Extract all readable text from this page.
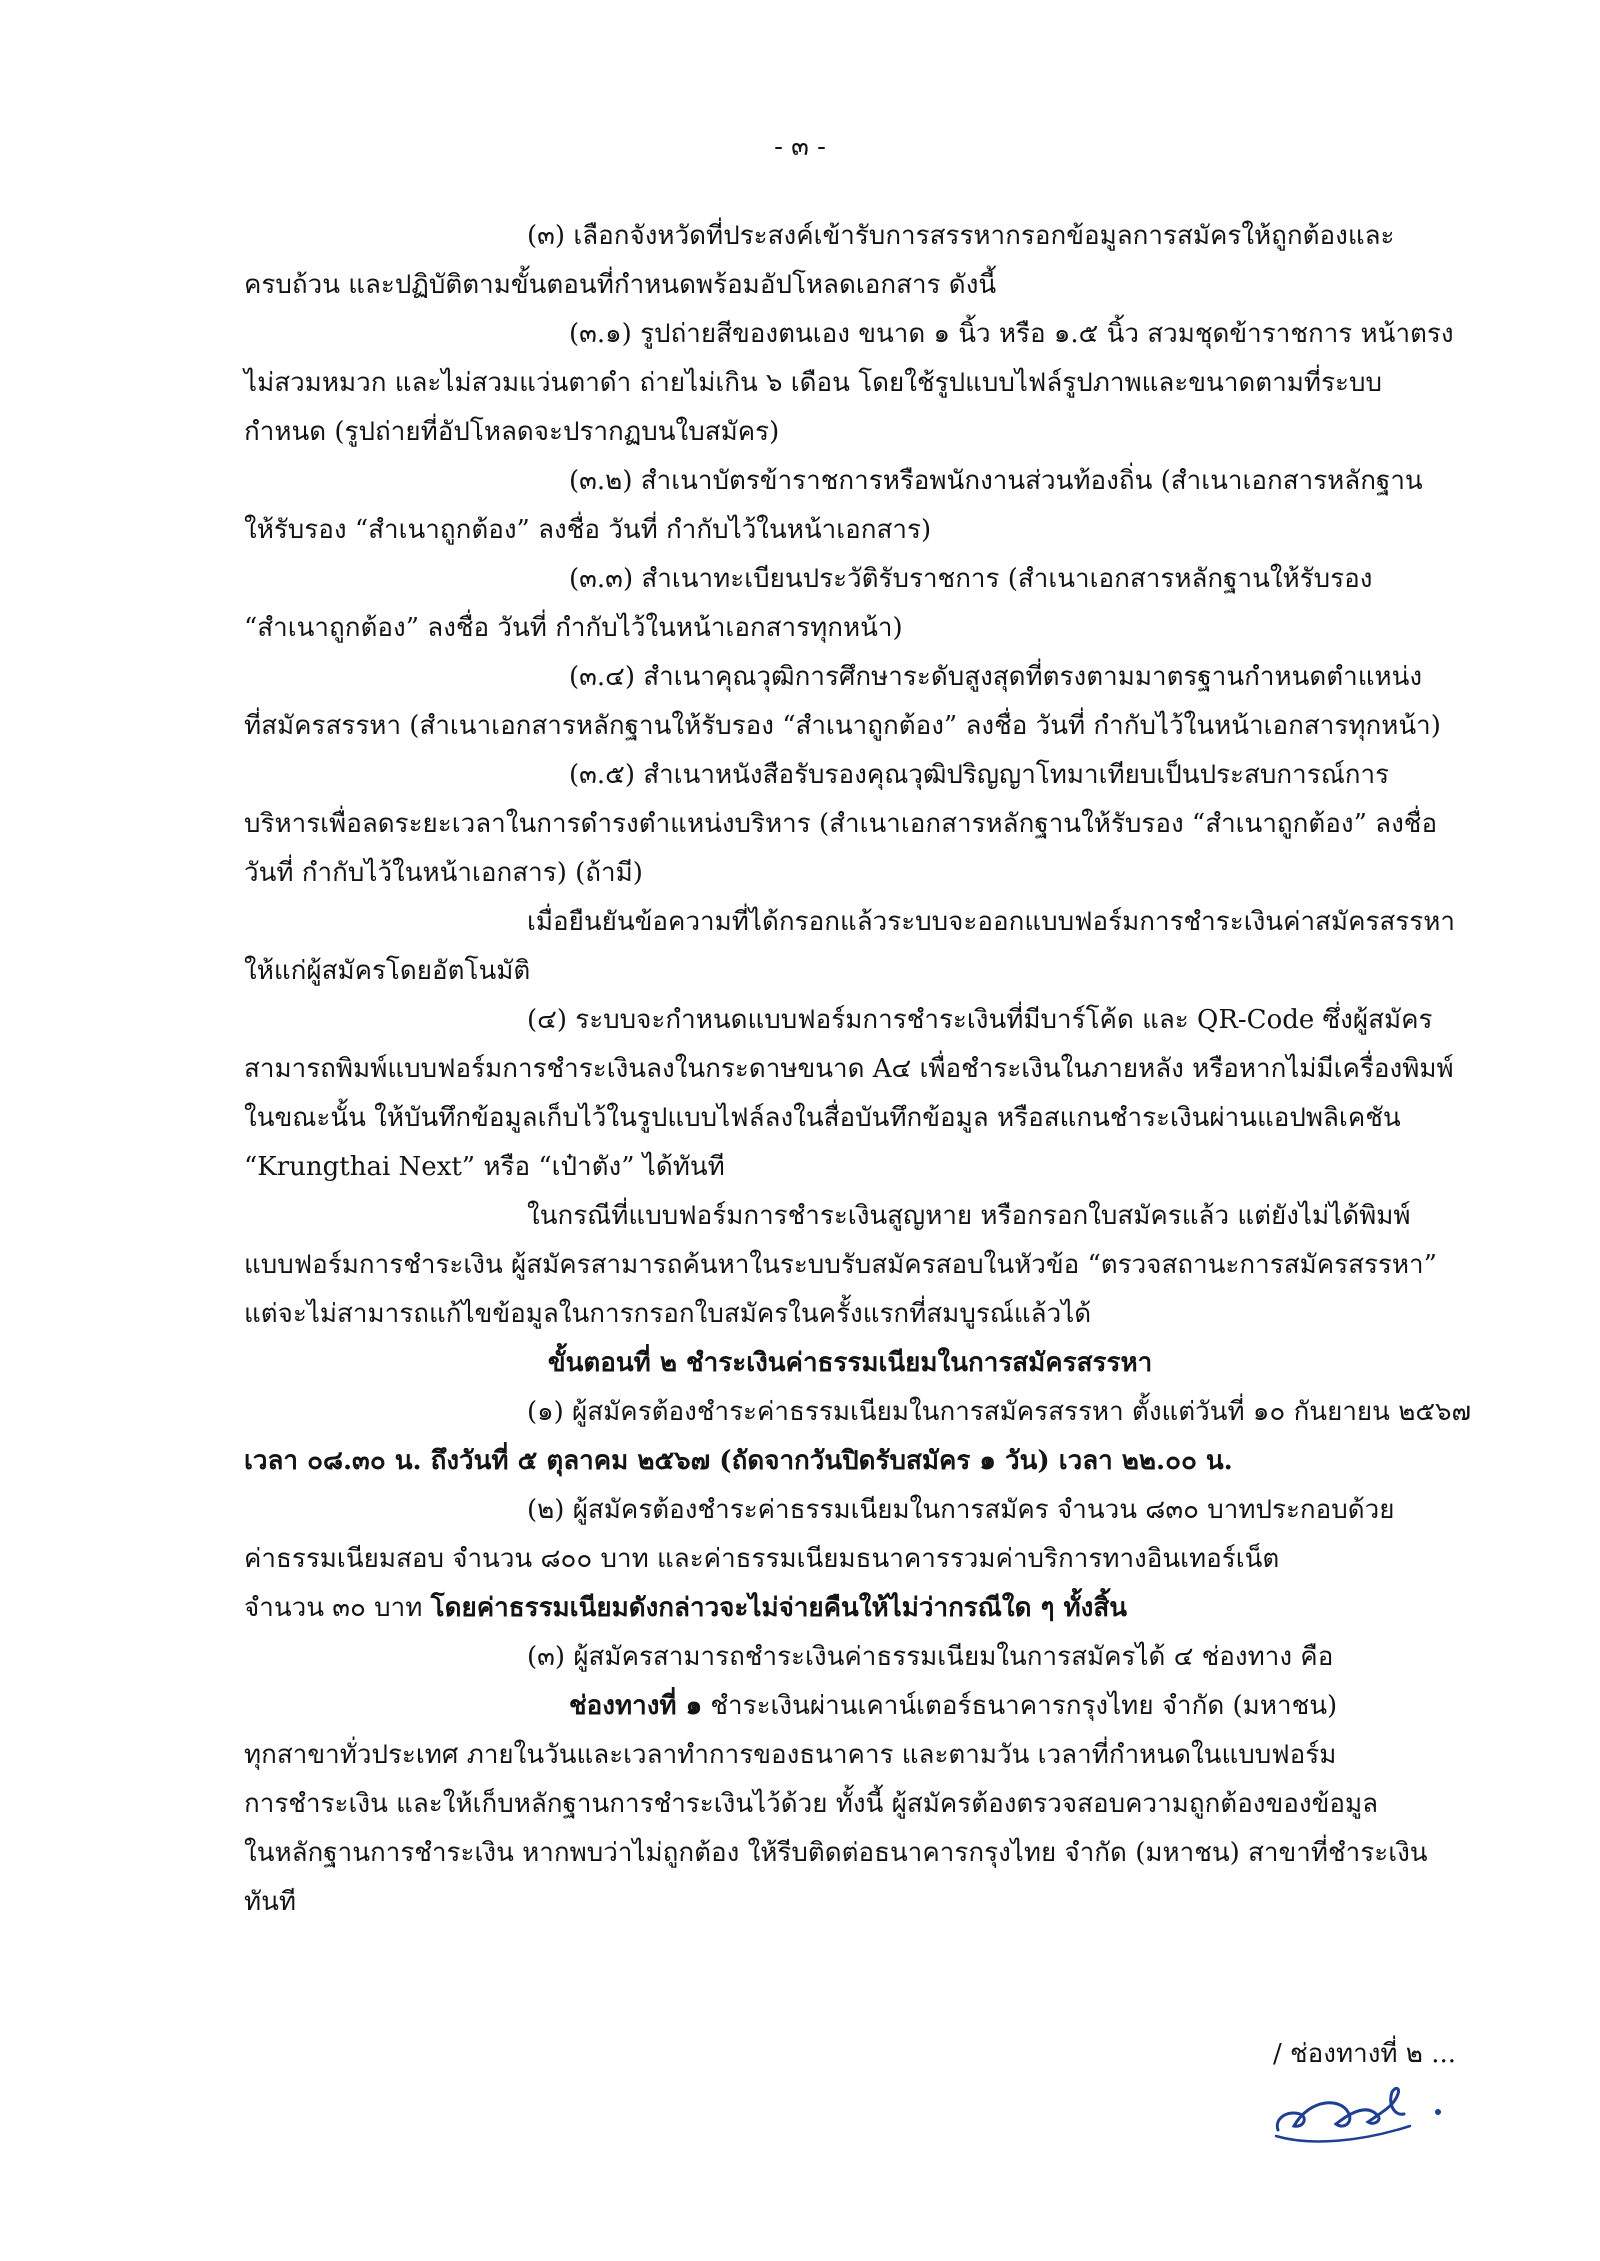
- ๓ -
(๓) เลือกจังหวัดที่ประสงค์เข้ารับการสรรหากรอกข้อมูลการสมัครให้ถูกต้องและ
ครบถ้วน และปฏิบัติตามขั้นตอนที่กำหนดพร้อมอัปโหลดเอกสาร ดังนี้
(๓.๑) รูปถ่ายสีของตนเอง ขนาด ๑ นิ้ว หรือ ๑.๕ นิ้ว สวมชุดข้าราชการ หน้าตรง
ไม่สวมหมวก และไม่สวมแว่นตาดำ ถ่ายไม่เกิน ๖ เดือน โดยใช้รูปแบบไฟล์รูปภาพและขนาดตามที่ระบบ
กำหนด (รูปถ่ายที่อัปโหลดจะปรากฏบนใบสมัคร)
(๓.๒) สำเนาบัตรข้าราชการหรือพนักงานส่วนท้องถิ่น (สำเนาเอกสารหลักฐาน
ให้รับรอง “สำเนาถูกต้อง” ลงชื่อ วันที่ กำกับไว้ในหน้าเอกสาร)
(๓.๓) สำเนาทะเบียนประวัติรับราชการ (สำเนาเอกสารหลักฐานให้รับรอง
“สำเนาถูกต้อง” ลงชื่อ วันที่ กำกับไว้ในหน้าเอกสารทุกหน้า)
(๓.๔) สำเนาคุณวุฒิการศึกษาระดับสูงสุดที่ตรงตามมาตรฐานกำหนดตำแหน่ง
ที่สมัครสรรหา (สำเนาเอกสารหลักฐานให้รับรอง “สำเนาถูกต้อง” ลงชื่อ วันที่ กำกับไว้ในหน้าเอกสารทุกหน้า)
(๓.๕) สำเนาหนังสือรับรองคุณวุฒิปริญญาโทมาเทียบเป็นประสบการณ์การ
บริหารเพื่อลดระยะเวลาในการดำรงตำแหน่งบริหาร (สำเนาเอกสารหลักฐานให้รับรอง “สำเนาถูกต้อง” ลงชื่อ
วันที่ กำกับไว้ในหน้าเอกสาร) (ถ้ามี)
เมื่อยืนยันข้อความที่ได้กรอกแล้วระบบจะออกแบบฟอร์มการชำระเงินค่าสมัครสรรหา
ให้แก่ผู้สมัครโดยอัตโนมัติ
(๔) ระบบจะกำหนดแบบฟอร์มการชำระเงินที่มีบาร์โค้ด และ QR-Code ซึ่งผู้สมัคร
สามารถพิมพ์แบบฟอร์มการชำระเงินลงในกระดาษขนาด A๔ เพื่อชำระเงินในภายหลัง หรือหากไม่มีเครื่องพิมพ์
ในขณะนั้น ให้บันทึกข้อมูลเก็บไว้ในรูปแบบไฟล์ลงในสื่อบันทึกข้อมูล หรือสแกนชำระเงินผ่านแอปพลิเคชัน
“Krungthai Next” หรือ “เป๋าตัง” ได้ทันที
ในกรณีที่แบบฟอร์มการชำระเงินสูญหาย หรือกรอกใบสมัครแล้ว แต่ยังไม่ได้พิมพ์
แบบฟอร์มการชำระเงิน ผู้สมัครสามารถค้นหาในระบบรับสมัครสอบในหัวข้อ “ตรวจสถานะการสมัครสรรหา”
แต่จะไม่สามารถแก้ไขข้อมูลในการกรอกใบสมัครในครั้งแรกที่สมบูรณ์แล้วได้
ขั้นตอนที่ ๒ ชำระเงินค่าธรรมเนียมในการสมัครสรรหา
(๑) ผู้สมัครต้องชำระค่าธรรมเนียมในการสมัครสรรหา ตั้งแต่วันที่ ๑๐ กันยายน ๒๕๖๗
เวลา ๐๘.๓๐ น. ถึงวันที่ ๕ ตุลาคม ๒๕๖๗ (ถัดจากวันปิดรับสมัคร ๑ วัน) เวลา ๒๒.๐๐ น.
(๒) ผู้สมัครต้องชำระค่าธรรมเนียมในการสมัคร จำนวน ๘๓๐ บาทประกอบด้วย
ค่าธรรมเนียมสอบ จำนวน ๘๐๐ บาท และค่าธรรมเนียมธนาคารรวมค่าบริการทางอินเทอร์เน็ต
จำนวน ๓๐ บาท โดยค่าธรรมเนียมดังกล่าวจะไม่จ่ายคืนให้ไม่ว่ากรณีใด ๆ ทั้งสิ้น
(๓) ผู้สมัครสามารถชำระเงินค่าธรรมเนียมในการสมัครได้ ๔ ช่องทาง คือ
ช่องทางที่ ๑ ชำระเงินผ่านเคาน์เตอร์ธนาคารกรุงไทย จำกัด (มหาชน)
ทุกสาขาทั่วประเทศ ภายในวันและเวลาทำการของธนาคาร และตามวัน เวลาที่กำหนดในแบบฟอร์ม
การชำระเงิน และให้เก็บหลักฐานการชำระเงินไว้ด้วย ทั้งนี้ ผู้สมัครต้องตรวจสอบความถูกต้องของข้อมูล
ในหลักฐานการชำระเงิน หากพบว่าไม่ถูกต้อง ให้รีบติดต่อธนาคารกรุงไทย จำกัด (มหาชน) สาขาที่ชำระเงิน
ทันที
/ ช่องทางที่ ๒ ...
